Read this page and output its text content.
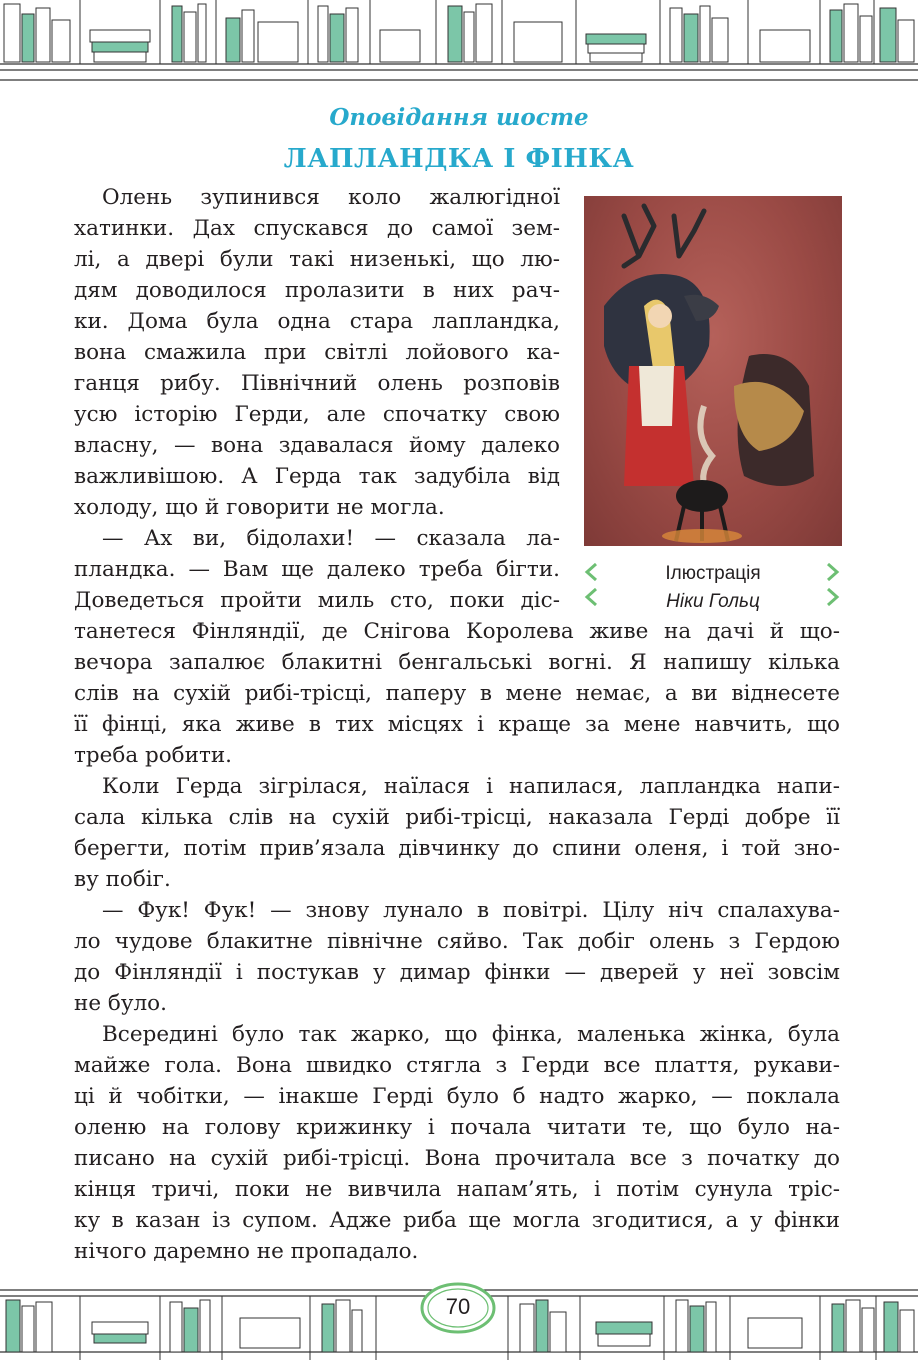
Оповідання шосте
ЛАПЛАНДКА І ФІНКА
Ілюстрація
Ніки Гольц
Олень зупинився коло жалюгідної
хатинки. Дах спускався до самої зем-
лі, а двері були такі низенькі, що лю-
дям доводилося пролазити в них рач-
ки. Дома була одна стара лапландка,
вона смажила при світлі лойового ка-
ганця рибу. Північний олень розповів
усю історію Герди, але спочатку свою
власну, — вона здавалася йому далеко
важливішою. А Герда так задубіла від
холоду, що й говорити не могла.
— Ах ви, бідолахи! — сказала ла-
пландка. — Вам ще далеко треба бігти.
Доведеться пройти миль сто, поки діс-
танетеся Фінляндії, де Снігова Королева живе на дачі й що-
вечора запалює блакитні бенгальські вогні. Я напишу кілька
слів на сухій рибі-трісці, паперу в мене немає, а ви віднесете
її фінці, яка живе в тих місцях і краще за мене навчить, що
треба робити.
Коли Герда зігрілася, наїлася і напилася, лапландка напи-
сала кілька слів на сухій рибі-трісці, наказала Герді добре її
берегти, потім прив’язала дівчинку до спини оленя, і той зно-
ву побіг.
— Фук! Фук! — знову лунало в повітрі. Цілу ніч спалахува-
ло чудове блакитне північне сяйво. Так добіг олень з Гердою
до Фінляндії і постукав у димар фінки — дверей у неї зовсім
не було.
Всередині було так жарко, що фінка, маленька жінка, була
майже гола. Вона швидко стягла з Герди все плаття, рукави-
ці й чобітки, — інакше Герді було б надто жарко, — поклала
оленю на голову крижинку і почала читати те, що було на-
писано на сухій рибі-трісці. Вона прочитала все з початку до
кінця тричі, поки не вивчила напам’ять, і потім сунула тріс-
ку в казан із супом. Адже риба ще могла згодитися, а у фінки
нічого даремно не пропадало.
70
